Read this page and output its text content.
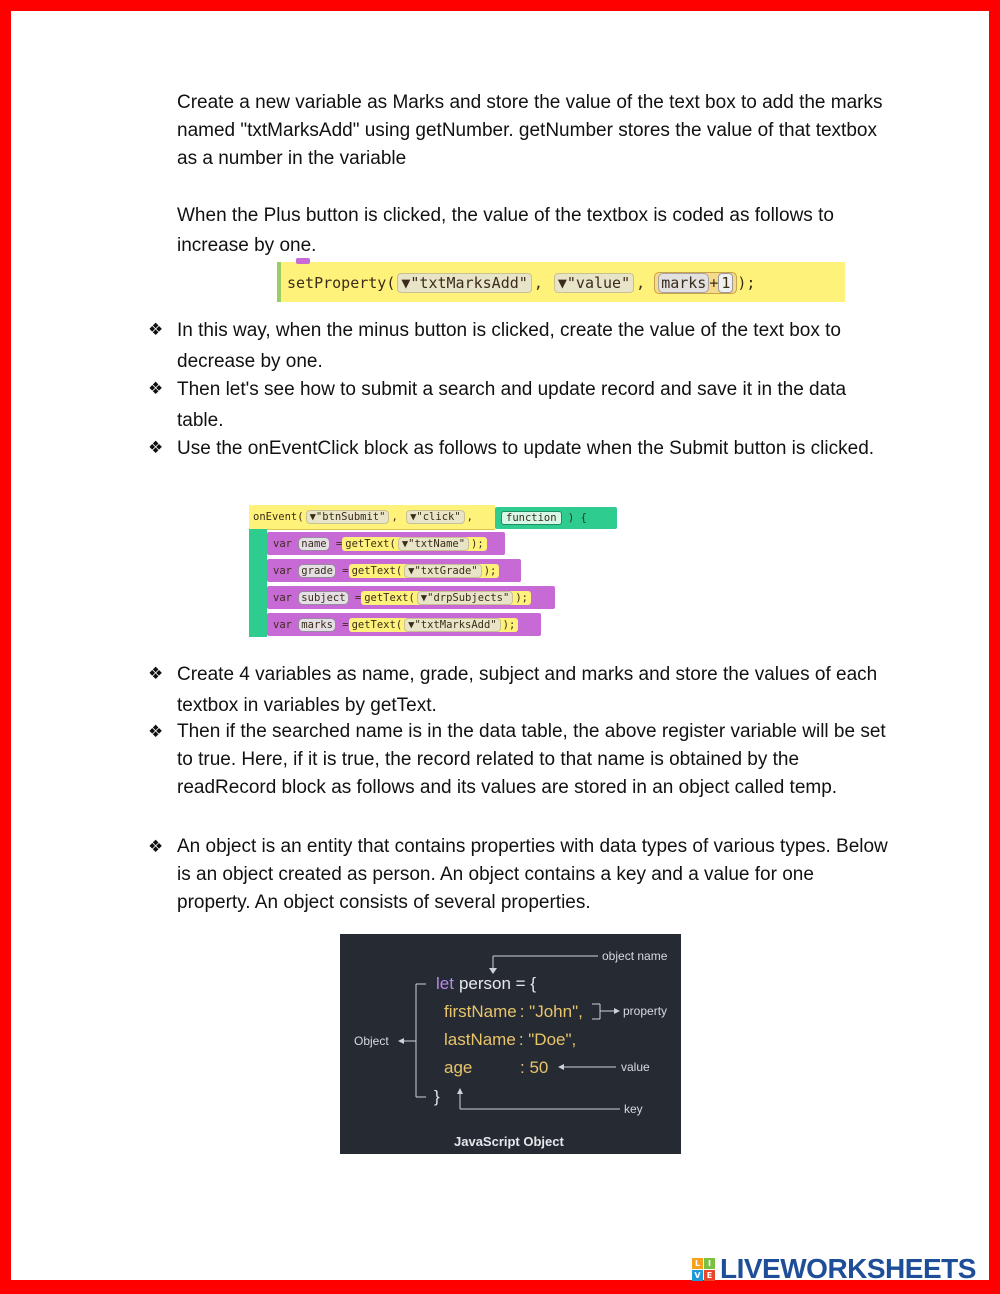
Create a new variable as Marks and store the value of the text box to add the marks named "txtMarksAdd" using getNumber. getNumber stores the value of that textbox as a number in the variable
When the Plus button is clicked, the value of the textbox is coded as follows to increase by one.
setProperty( ▼"txtMarksAdd" , ▼"value" , marks + 1 );
❖ In this way, when the minus button is clicked, create the value of the text box to decrease by one.
❖ Then let's see how to submit a search and update record and save it in the data table.
❖ Use the onEventClick block as follows to update when the Submit button is clicked.
onEvent( ▼"btnSubmit" , ▼"click" ,	function ) {
var name = getText( ▼"txtName" );
var grade = getText( ▼"txtGrade" );
var subject = getText( ▼"drpSubjects" );
var marks = getText( ▼"txtMarksAdd" );
❖ Create 4 variables as name, grade, subject and marks and store the values of each textbox in variables by getText.
❖ Then if the searched name is in the data table, the above register variable will be set to true. Here, if it is true, the record related to that name is obtained by the readRecord block as follows and its values are stored in an object called temp.
❖ An object is an entity that contains properties with data types of various types. Below is an object created as person. An object contains a key and a value for one property. An object consists of several properties.
object name
let person = {
firstName : "John",
lastName : "Doe",
age	: 50
}
Object
property
value
key
JavaScript Object
L I
V E LIVEWORKSHEETS
